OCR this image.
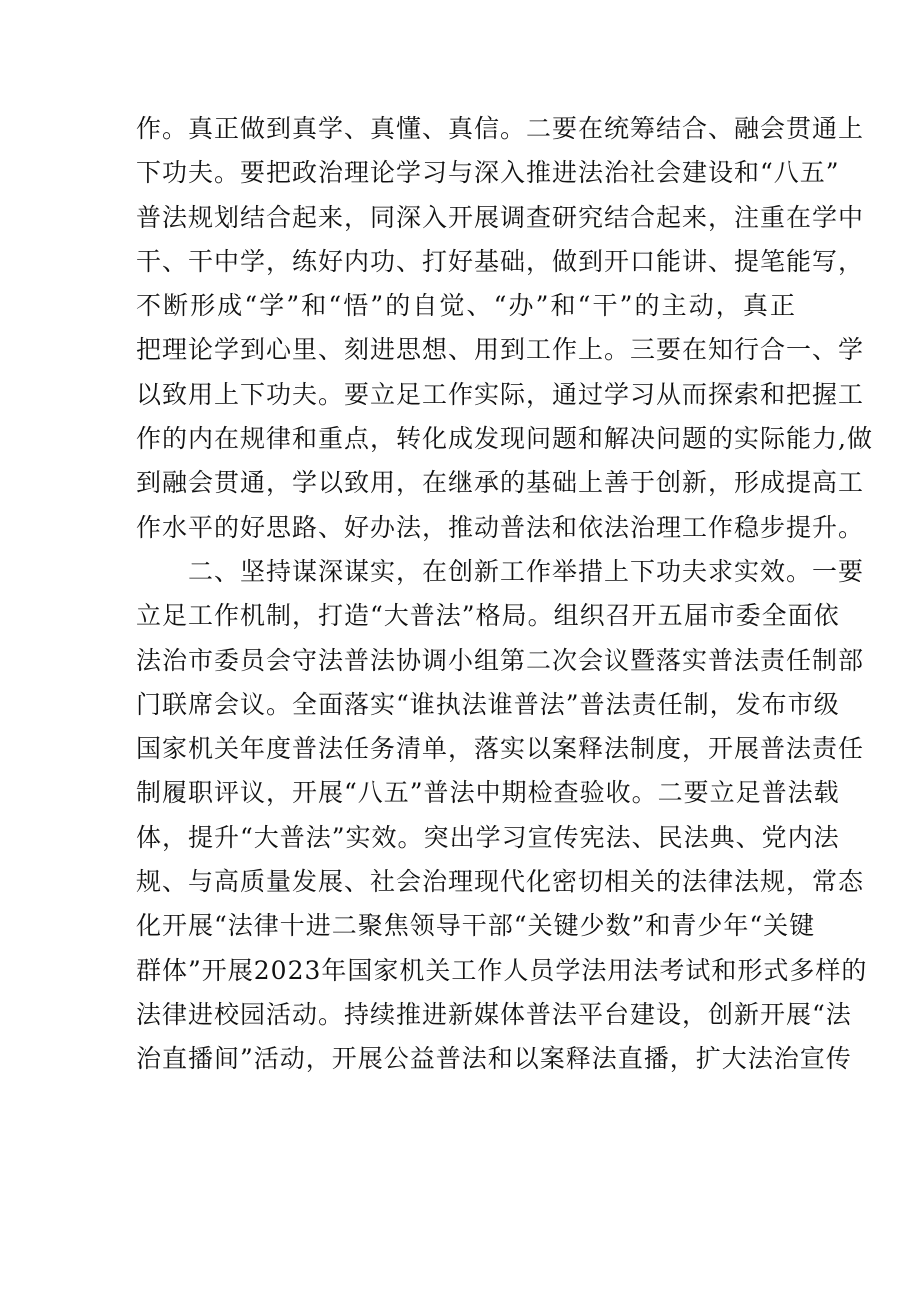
作。真正做到真学、真懂、真信。二要在统筹结合、融会贯通上
下功夫。要把政治理论学习与深入推进法治社会建设和“八五”
普法规划结合起来，同深入开展调查研究结合起来，注重在学中
干、干中学，练好内功、打好基础，做到开口能讲、提笔能写，
不断形成“学”和“悟”的自觉、“办”和“干”的主动，真正
把理论学到心里、刻进思想、用到工作上。三要在知行合一、学
以致用上下功夫。要立足工作实际，通过学习从而探索和把握工
作的内在规律和重点，转化成发现问题和解决问题的实际能力,做
到融会贯通，学以致用，在继承的基础上善于创新，形成提高工
作水平的好思路、好办法，推动普法和依法治理工作稳步提升。
二、坚持谋深谋实，在创新工作举措上下功夫求实效。一要
立足工作机制，打造“大普法”格局。组织召开五届市委全面依
法治市委员会守法普法协调小组第二次会议暨落实普法责任制部
门联席会议。全面落实“谁执法谁普法”普法责任制，发布市级
国家机关年度普法任务清单，落实以案释法制度，开展普法责任
制履职评议，开展“八五”普法中期检查验收。二要立足普法载
体，提升“大普法”实效。突出学习宣传宪法、民法典、党内法
规、与高质量发展、社会治理现代化密切相关的法律法规，常态
化开展“法律十进二聚焦领导干部“关键少数”和青少年“关键
群体”开展2023年国家机关工作人员学法用法考试和形式多样的
法律进校园活动。持续推进新媒体普法平台建设，创新开展“法
治直播间”活动，开展公益普法和以案释法直播，扩大法治宣传
